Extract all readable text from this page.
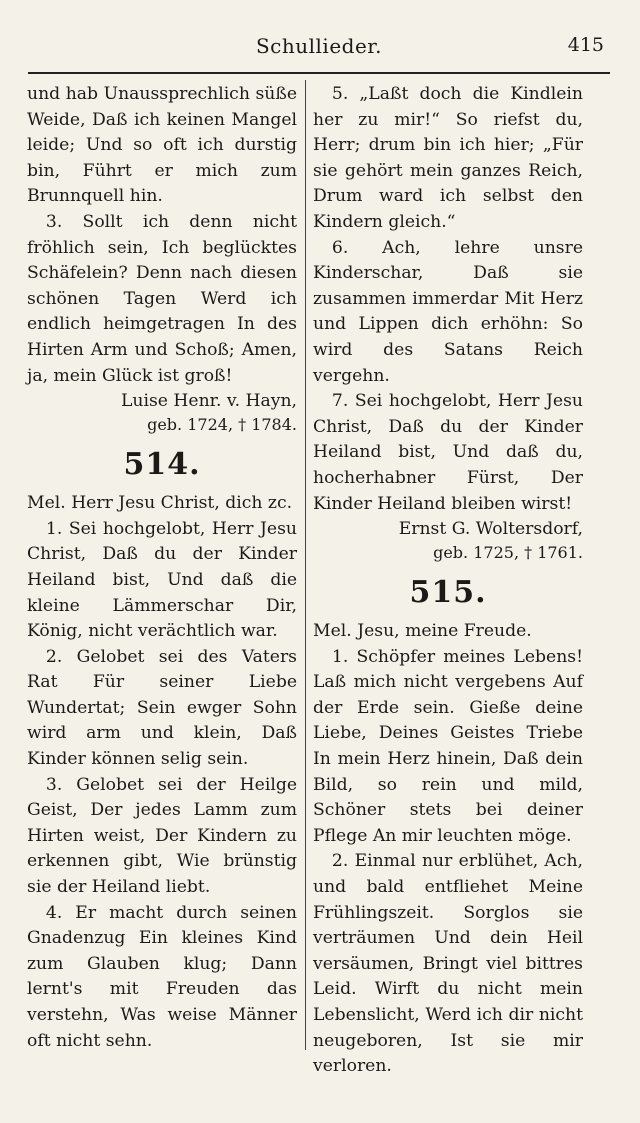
Schullieder.	415

und hab Unaussprechlich süße Weide, Daß ich keinen Mangel leide; Und so oft ich durstig bin, Führt er mich zum Brunnquell hin.

3. Sollt ich denn nicht fröhlich sein, Ich beglücktes Schäfelein? Denn nach diesen schönen Tagen Werd ich endlich heimgetragen In des Hirten Arm und Schoß; Amen, ja, mein Glück ist groß!

Luise Henr. v. Hayn,
geb. 1724, † 1784.
514.

Mel. Herr Jesu Christ, dich zc.

1. Sei hochgelobt, Herr Jesu Christ, Daß du der Kinder Heiland bist, Und daß die kleine Lämmerschar Dir, König, nicht verächtlich war.

2. Gelobet sei des Vaters Rat Für seiner Liebe Wundertat; Sein ewger Sohn wird arm und klein, Daß Kinder können selig sein.

3. Gelobet sei der Heilge Geist, Der jedes Lamm zum Hirten weist, Der Kindern zu erkennen gibt, Wie brünstig sie der Heiland liebt.

4. Er macht durch seinen Gnadenzug Ein kleines Kind zum Glauben klug; Dann lernt's mit Freuden das verstehn, Was weise Männer oft nicht sehn.

5. „Laßt doch die Kindlein her zu mir!“ So riefst du, Herr; drum bin ich hier; „Für sie gehört mein ganzes Reich, Drum ward ich selbst den Kindern gleich.“

6. Ach, lehre unsre Kinderschar, Daß sie zusammen immerdar Mit Herz und Lippen dich erhöhn: So wird des Satans Reich vergehn.

7. Sei hochgelobt, Herr Jesu Christ, Daß du der Kinder Heiland bist, Und daß du, hocherhabner Fürst, Der Kinder Heiland bleiben wirst!

Ernst G. Woltersdorf,
geb. 1725, † 1761.
515.

Mel. Jesu, meine Freude.

1. Schöpfer meines Lebens! Laß mich nicht vergebens Auf der Erde sein. Gieße deine Liebe, Deines Geistes Triebe In mein Herz hinein, Daß dein Bild, so rein und mild, Schöner stets bei deiner Pflege An mir leuchten möge.

2. Einmal nur erblühet, Ach, und bald entfliehet Meine Frühlingszeit. Sorglos sie verträumen Und dein Heil versäumen, Bringt viel bittres Leid. Wirft du nicht mein Lebenslicht, Werd ich dir nicht neugeboren, Ist sie mir verloren.
